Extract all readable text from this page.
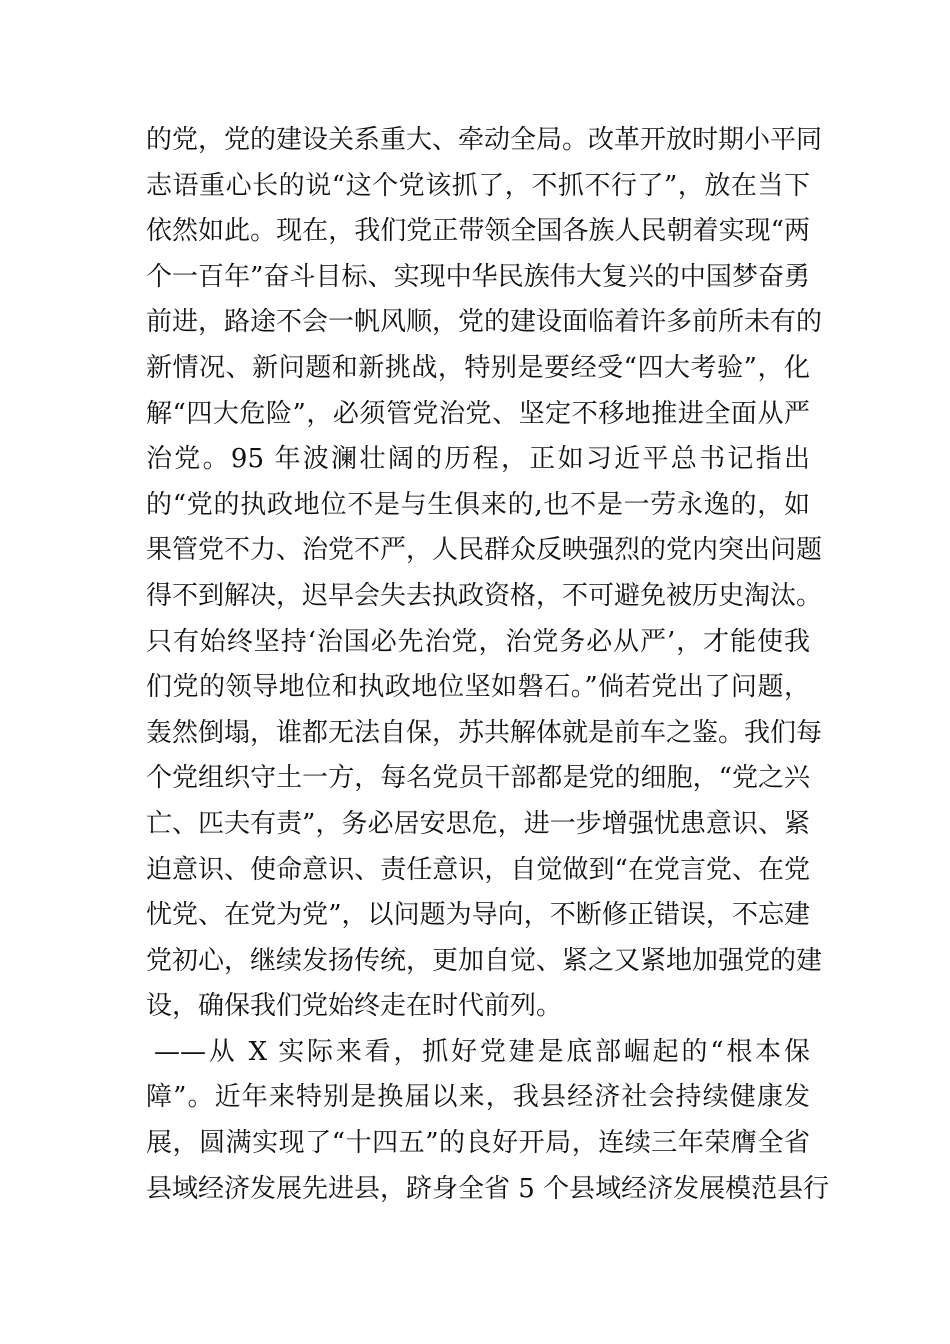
的党，党的建设关系重大、牵动全局。改革开放时期小平同
志语重心长的说“这个党该抓了，不抓不行了”，放在当下
依然如此。现在，我们党正带领全国各族人民朝着实现“两
个一百年”奋斗目标、实现中华民族伟大复兴的中国梦奋勇
前进，路途不会一帆风顺，党的建设面临着许多前所未有的
新情况、新问题和新挑战，特别是要经受“四大考验”，化
解“四大危险”，必须管党治党、坚定不移地推进全面从严
治党。95 年波澜壮阔的历程，正如习近平总书记指出
的“党的执政地位不是与生俱来的,也不是一劳永逸的，如
果管党不力、治党不严，人民群众反映强烈的党内突出问题
得不到解决，迟早会失去执政资格，不可避免被历史淘汰。
只有始终坚持‘治国必先治党，治党务必从严’，才能使我
们党的领导地位和执政地位坚如磐石。”倘若党出了问题，
轰然倒塌，谁都无法自保，苏共解体就是前车之鉴。我们每
个党组织守土一方，每名党员干部都是党的细胞，“党之兴
亡、匹夫有责”，务必居安思危，进一步增强忧患意识、紧
迫意识、使命意识、责任意识，自觉做到“在党言党、在党
忧党、在党为党”，以问题为导向，不断修正错误，不忘建
党初心，继续发扬传统，更加自觉、紧之又紧地加强党的建
设，确保我们党始终走在时代前列。
——从 X 实际来看，抓好党建是底部崛起的“根本保
障”。近年来特别是换届以来，我县经济社会持续健康发
展，圆满实现了“十四五”的良好开局，连续三年荣膺全省
县域经济发展先进县，跻身全省 5 个县域经济发展模范县行
